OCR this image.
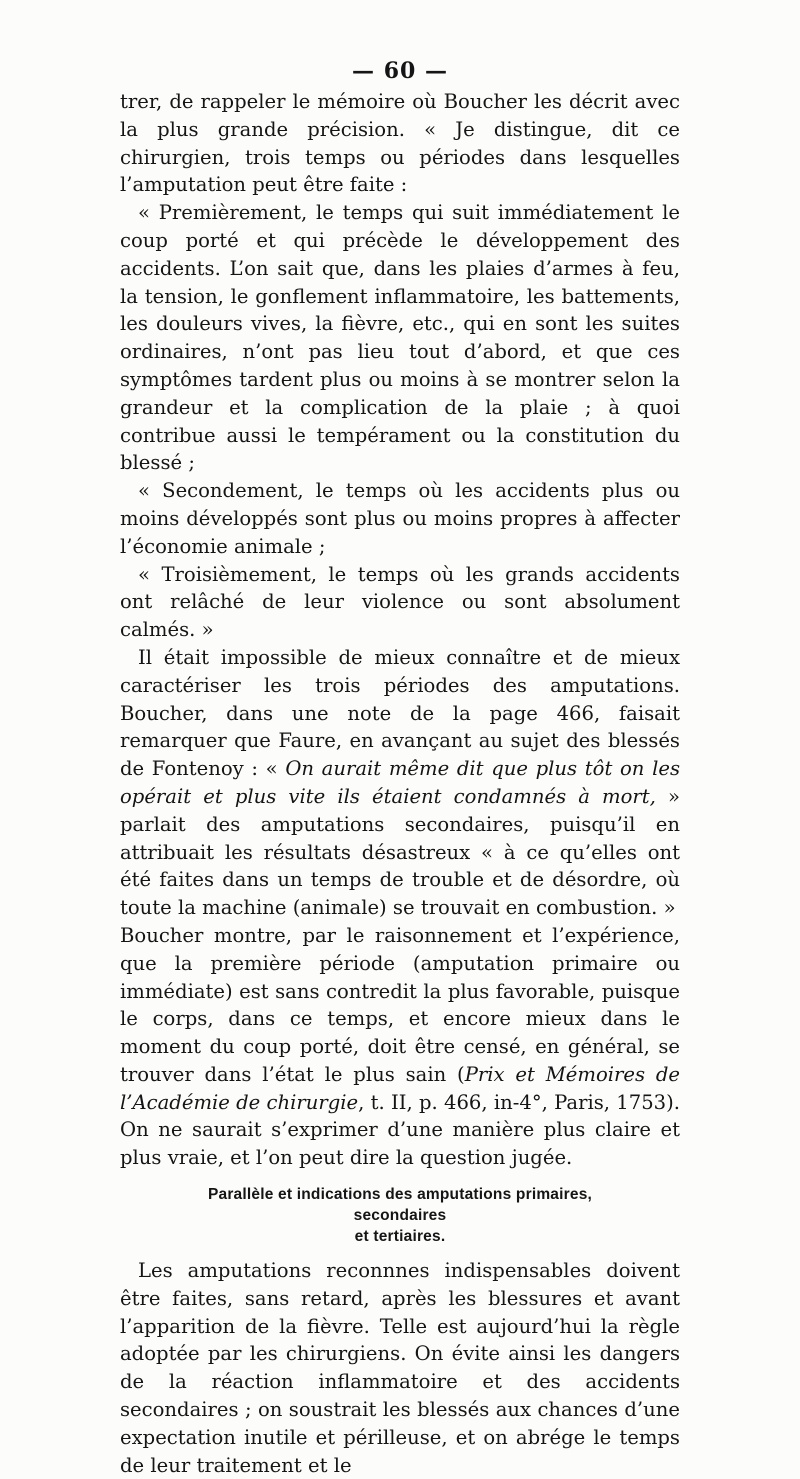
— 60 —

trer, de rappeler le mémoire où Boucher les décrit avec la plus grande précision. « Je distingue, dit ce chirurgien, trois temps ou périodes dans lesquelles l’amputation peut être faite :

« Premièrement, le temps qui suit immédiatement le coup porté et qui précède le développement des accidents. L’on sait que, dans les plaies d’armes à feu, la tension, le gonflement inflammatoire, les battements, les douleurs vives, la fièvre, etc., qui en sont les suites ordinaires, n’ont pas lieu tout d’abord, et que ces symptômes tardent plus ou moins à se montrer selon la grandeur et la complication de la plaie ; à quoi contribue aussi le tempérament ou la constitution du blessé ;

« Secondement, le temps où les accidents plus ou moins développés sont plus ou moins propres à affecter l’économie animale ;

« Troisièmement, le temps où les grands accidents ont relâché de leur violence ou sont absolument calmés. »

Il était impossible de mieux connaître et de mieux caractériser les trois périodes des amputations. Boucher, dans une note de la page 466, faisait remarquer que Faure, en avançant au sujet des blessés de Fontenoy : « On aurait même dit que plus tôt on les opérait et plus vite ils étaient condamnés à mort, » parlait des amputations secondaires, puisqu’il en attribuait les résultats désastreux « à ce qu’elles ont été faites dans un temps de trouble et de désordre, où toute la machine (animale) se trouvait en combustion. »

Boucher montre, par le raisonnement et l’expérience, que la première période (amputation primaire ou immédiate) est sans contredit la plus favorable, puisque le corps, dans ce temps, et encore mieux dans le moment du coup porté, doit être censé, en général, se trouver dans l’état le plus sain (Prix et Mémoires de l’Académie de chirurgie, t. II, p. 466, in-4°, Paris, 1753). On ne saurait s’exprimer d’une manière plus claire et plus vraie, et l’on peut dire la question jugée.

Parallèle et indications des amputations primaires, secondaires
et tertiaires.

Les amputations reconnnes indispensables doivent être faites, sans retard, après les blessures et avant l’apparition de la fièvre. Telle est aujourd’hui la règle adoptée par les chirurgiens. On évite ainsi les dangers de la réaction inflammatoire et des accidents secondaires ; on soustrait les blessés aux chances d’une expectation inutile et périlleuse, et on abrége le temps de leur traitement et le
